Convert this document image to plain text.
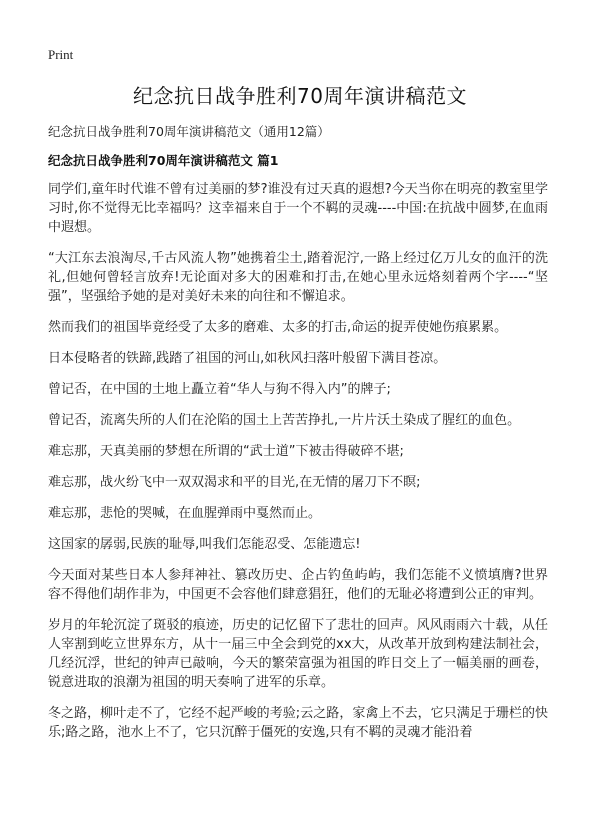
Print
纪念抗日战争胜利70周年演讲稿范文
纪念抗日战争胜利70周年演讲稿范文（通用12篇）
纪念抗日战争胜利70周年演讲稿范文 篇1

同学们,童年时代谁不曾有过美丽的梦?谁没有过天真的遐想?今天当你在明亮的教室里学习时,你不觉得无比幸福吗？这幸福来自于一个不羁的灵魂----中国:在抗战中圆梦,在血雨中遐想。

“大江东去浪淘尽,千古风流人物”她携着尘土,踏着泥泞,一路上经过亿万儿女的血汗的洗礼,但她何曾轻言放弃!无论面对多大的困难和打击,在她心里永远烙刻着两个字----“坚强”，坚强给予她的是对美好未来的向往和不懈追求。

然而我们的祖国毕竟经受了太多的磨难、太多的打击,命运的捉弄使她伤痕累累。

日本侵略者的铁蹄,践踏了祖国的河山,如秋风扫落叶般留下满目苍凉。

曾记否，在中国的土地上矗立着“华人与狗不得入内”的牌子;

曾记否，流离失所的人们在沦陷的国土上苦苦挣扎,一片片沃土染成了腥红的血色。

难忘那，天真美丽的梦想在所谓的“武士道”下被击得破碎不堪;

难忘那，战火纷飞中一双双渴求和平的目光,在无情的屠刀下不瞑;

难忘那，悲怆的哭喊，在血腥弹雨中戛然而止。

这国家的孱弱,民族的耻辱,叫我们怎能忍受、怎能遗忘!

今天面对某些日本人参拜神社、篡改历史、企占钓鱼屿屿，我们怎能不义愤填膺?世界容不得他们胡作非为，中国更不会容他们肆意猖狂，他们的无耻必将遭到公正的审判。

岁月的年轮沉淀了斑驳的痕迹，历史的记忆留下了悲壮的回声。风风雨雨六十载，从任人宰割到屹立世界东方，从十一届三中全会到党的xx大，从改革开放到构建法制社会，几经沉浮，世纪的钟声已敲响，今天的繁荣富强为祖国的昨日交上了一幅美丽的画卷，锐意进取的浪潮为祖国的明天奏响了进军的乐章。

冬之路，柳叶走不了，它经不起严峻的考验;云之路，家禽上不去，它只满足于珊栏的快乐;路之路，池水上不了，它只沉醉于僵死的安逸,只有不羁的灵魂才能沿着
